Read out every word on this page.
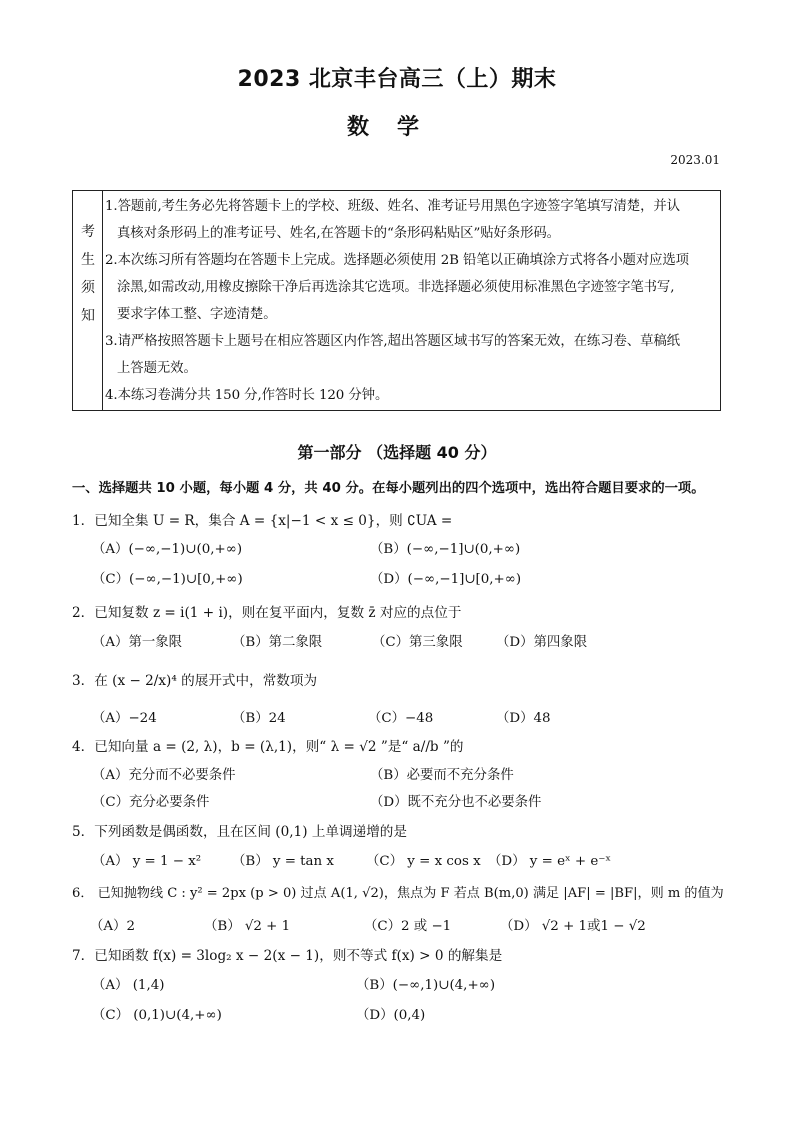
2023 北京丰台高三（上）期末
数学
2023.01
考
生
须
知
1.答题前,考生务必先将答题卡上的学校、班级、姓名、准考证号用黑色字迹签字笔填写清楚，并认
真核对条形码上的准考证号、姓名,在答题卡的“条形码粘贴区”贴好条形码。
2.本次练习所有答题均在答题卡上完成。选择题必须使用 2B 铅笔以正确填涂方式将各小题对应选项
涂黑,如需改动,用橡皮擦除干净后再选涂其它选项。非选择题必须使用标准黑色字迹签字笔书写,
要求字体工整、字迹清楚。
3.请严格按照答题卡上题号在相应答题区内作答,超出答题区域书写的答案无效，在练习卷、草稿纸
上答题无效。
4.本练习卷满分共 150 分,作答时长 120 分钟。
第一部分 （选择题 40 分）
一、选择题共 10 小题，每小题 4 分，共 40 分。在每小题列出的四个选项中，选出符合题目要求的一项。
1．已知全集 U = R，集合 A = {x|−1 < x ≤ 0}，则 ∁UA =
（A）(−∞,−1)∪(0,+∞)	（B）(−∞,−1]∪(0,+∞)
（C）(−∞,−1)∪[0,+∞)	（D）(−∞,−1]∪[0,+∞)
2．已知复数 z = i(1 + i)，则在复平面内，复数 z̄ 对应的点位于
（A）第一象限	（B）第二象限	（C）第三象限 （D）第四象限
3．在 (x − 2/x)⁴ 的展开式中，常数项为
（A）−24	（B）24	（C）−48	（D）48
4．已知向量 a = (2, λ)，b = (λ,1)，则“ λ = √2 ”是“ a//b ”的
（A）充分而不必要条件	（B）必要而不充分条件
（C）充分必要条件	（D）既不充分也不必要条件
5．下列函数是偶函数，且在区间 (0,1) 上单调递增的是
（A） y = 1 − x² （B） y = tan x （C） y = x cos x （D） y = eˣ + e⁻ˣ
6． 已知抛物线 C : y² = 2px (p > 0) 过点 A(1, √2)，焦点为 F 若点 B(m,0) 满足 |AF| = |BF|，则 m 的值为
（A）2	（B） √2 + 1	（C）2 或 −1	（D） √2 + 1或1 − √2
7．已知函数 f(x) = 3log₂ x − 2(x − 1)，则不等式 f(x) > 0 的解集是
（A） (1,4)	（B）(−∞,1)∪(4,+∞)
（C） (0,1)∪(4,+∞)	（D）(0,4)
